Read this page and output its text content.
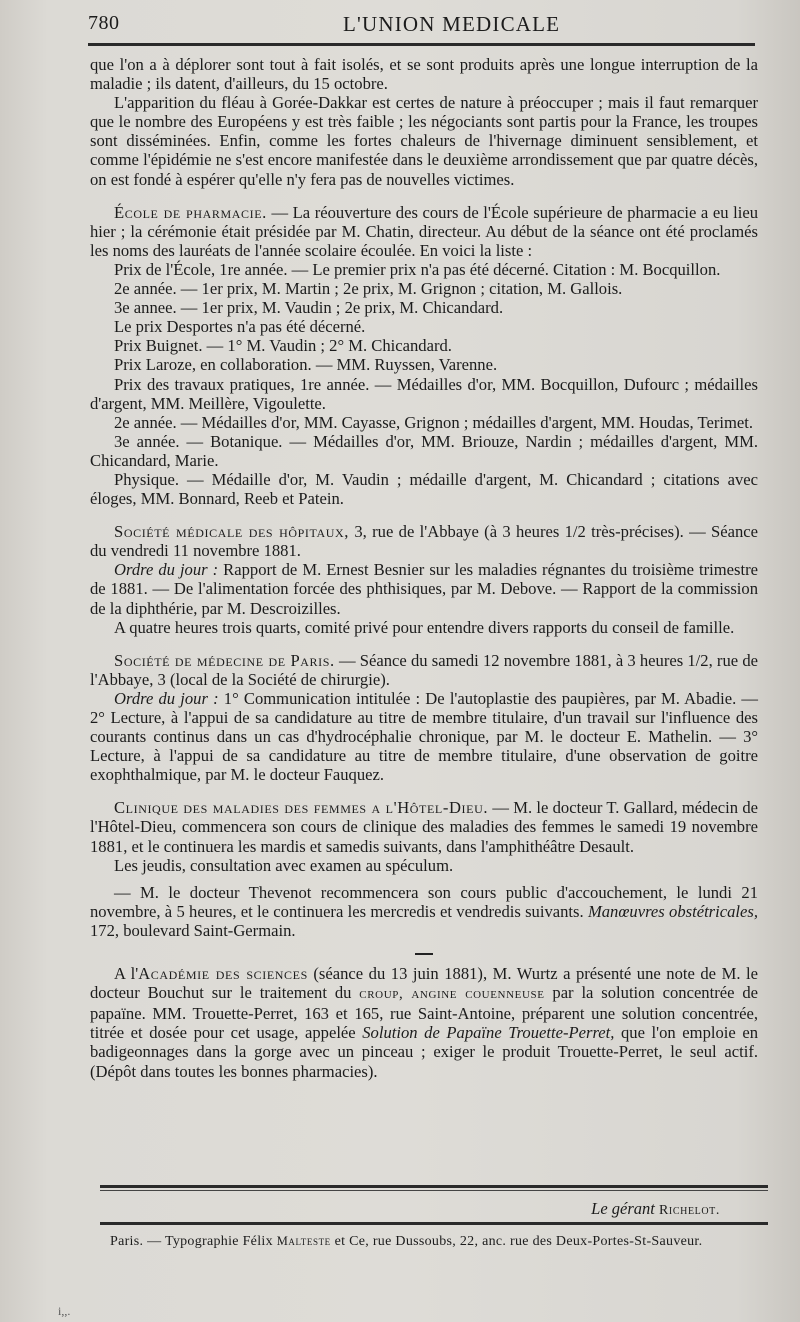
780	L'UNION MEDICALE

que l'on a à déplorer sont tout à fait isolés, et se sont produits après une longue interruption de la maladie ; ils datent, d'ailleurs, du 15 octobre.

L'apparition du fléau à Gorée-Dakkar est certes de nature à préoccuper ; mais il faut remarquer que le nombre des Européens y est très faible ; les négociants sont partis pour la France, les troupes sont disséminées. Enfin, comme les fortes chaleurs de l'hivernage diminuent sensiblement, et comme l'épidémie ne s'est encore manifestée dans le deuxième arrondissement que par quatre décès, on est fondé à espérer qu'elle n'y fera pas de nouvelles victimes.

École de pharmacie. — La réouverture des cours de l'École supérieure de pharmacie a eu lieu hier ; la cérémonie était présidée par M. Chatin, directeur. Au début de la séance ont été proclamés les noms des lauréats de l'année scolaire écoulée. En voici la liste :

Prix de l'École, 1re année. — Le premier prix n'a pas été décerné. Citation : M. Bocquillon.

2e année. — 1er prix, M. Martin ; 2e prix, M. Grignon ; citation, M. Gallois.

3e annee. — 1er prix, M. Vaudin ; 2e prix, M. Chicandard.

Le prix Desportes n'a pas été décerné.

Prix Buignet. — 1° M. Vaudin ; 2° M. Chicandard.

Prix Laroze, en collaboration. — MM. Ruyssen, Varenne.

Prix des travaux pratiques, 1re année. — Médailles d'or, MM. Bocquillon, Dufourc ; médailles d'argent, MM. Meillère, Vigoulette.

2e année. — Médailles d'or, MM. Cayasse, Grignon ; médailles d'argent, MM. Houdas, Terimet.

3e année. — Botanique. — Médailles d'or, MM. Briouze, Nardin ; médailles d'argent, MM. Chicandard, Marie.

Physique. — Médaille d'or, M. Vaudin ; médaille d'argent, M. Chicandard ; citations avec éloges, MM. Bonnard, Reeb et Patein.

Société médicale des hôpitaux, 3, rue de l'Abbaye (à 3 heures 1/2 très-précises). — Séance du vendredi 11 novembre 1881.

Ordre du jour : Rapport de M. Ernest Besnier sur les maladies régnantes du troisième trimestre de 1881. — De l'alimentation forcée des phthisiques, par M. Debove. — Rapport de la commission de la diphthérie, par M. Descroizilles.

A quatre heures trois quarts, comité privé pour entendre divers rapports du conseil de famille.

Société de médecine de Paris. — Séance du samedi 12 novembre 1881, à 3 heures 1/2, rue de l'Abbaye, 3 (local de la Société de chirurgie).

Ordre du jour : 1° Communication intitulée : De l'autoplastie des paupières, par M. Abadie. — 2° Lecture, à l'appui de sa candidature au titre de membre titulaire, d'un travail sur l'influence des courants continus dans un cas d'hydrocéphalie chronique, par M. le docteur E. Mathelin. — 3° Lecture, à l'appui de sa candidature au titre de membre titulaire, d'une observation de goitre exophthalmique, par M. le docteur Fauquez.

Clinique des maladies des femmes a l'Hôtel-Dieu. — M. le docteur T. Gallard, médecin de l'Hôtel-Dieu, commencera son cours de clinique des maladies des femmes le samedi 19 novembre 1881, et le continuera les mardis et samedis suivants, dans l'amphithéâtre Desault.

Les jeudis, consultation avec examen au spéculum.

— M. le docteur Thevenot recommencera son cours public d'accouchement, le lundi 21 novembre, à 5 heures, et le continuera les mercredis et vendredis suivants. Manœuvres obstétricales, 172, boulevard Saint-Germain.

A l'Académie des sciences (séance du 13 juin 1881), M. Wurtz a présenté une note de M. le docteur Bouchut sur le traitement du croup, angine couenneuse par la solution concentrée de papaïne. MM. Trouette-Perret, 163 et 165, rue Saint-Antoine, préparent une solution concentrée, titrée et dosée pour cet usage, appelée Solution de Papaïne Trouette-Perret, que l'on emploie en badigeonnages dans la gorge avec un pinceau ; exiger le produit Trouette-Perret, le seul actif. (Dépôt dans toutes les bonnes pharmacies).

Le gérant Richelot.
Paris. — Typographie Félix Malteste et Ce, rue Dussoubs, 22, anc. rue des Deux-Portes-St-Sauveur.
i,,.
